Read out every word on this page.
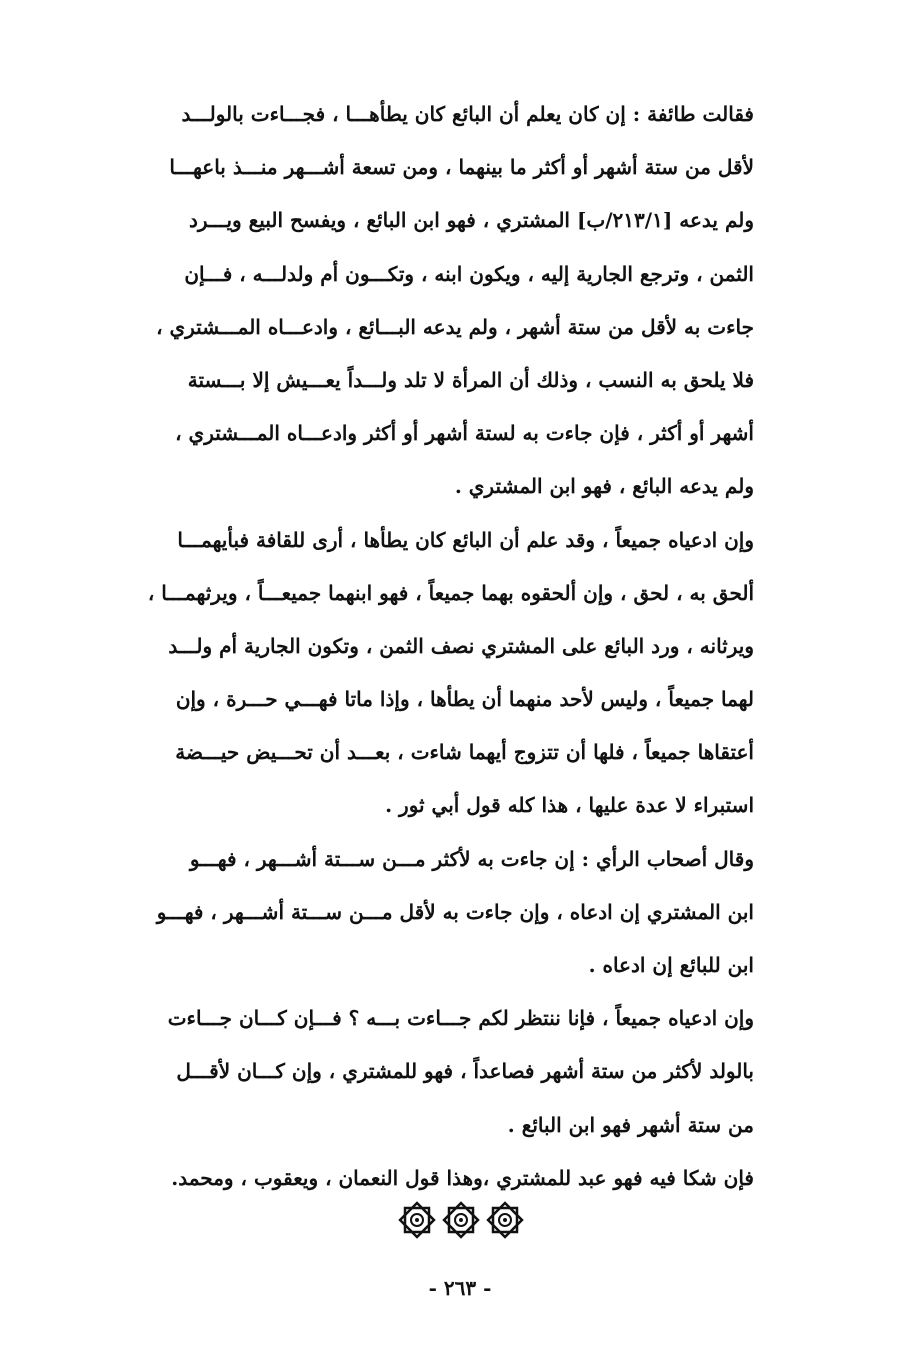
فقالت طائفة : إن كان يعلم أن البائع كان يطأهـــا ، فجـــاءت بالولـــد
لأقل من ستة أشهر أو أكثر ما بينهما ، ومن تسعة أشـــهر منـــذ باعهـــا
ولم يدعه [٢١٣/١/ب] المشتري ، فهو ابن البائع ، ويفسح البيع ويـــرد
الثمن ، وترجع الجارية إليه ، ويكون ابنه ، وتكـــون أم ولدلـــه ، فـــإن
جاءت به لأقل من ستة أشهر ، ولم يدعه البـــائع ، وادعـــاه المـــشتري ،
فلا يلحق به النسب ، وذلك أن المرأة لا تلد ولـــداً يعـــيش إلا بـــستة
أشهر أو أكثر ، فإن جاءت به لستة أشهر أو أكثر وادعـــاه المـــشتري ،
ولم يدعه البائع ، فهو ابن المشتري .
وإن ادعياه جميعاً ، وقد علم أن البائع كان يطأها ، أرى للقافة فبأيهمـــا
ألحق به ، لحق ، وإن ألحقوه بهما جميعاً ، فهو ابنهما جميعـــاً ، ويرثهمـــا ،
ويرثانه ، ورد البائع على المشتري نصف الثمن ، وتكون الجارية أم ولـــد
لهما جميعاً ، وليس لأحد منهما أن يطأها ، وإذا ماتا فهـــي حـــرة ، وإن
أعتقاها جميعاً ، فلها أن تتزوج أيهما شاءت ، بعـــد أن تحـــيض حيـــضة
استبراء لا عدة عليها ، هذا كله قول أبي ثور .
وقال أصحاب الرأي : إن جاءت به لأكثر مـــن ســـتة أشـــهر ، فهـــو
ابن المشتري إن ادعاه ، وإن جاءت به لأقل مـــن ســـتة أشـــهر ، فهـــو
ابن للبائع إن ادعاه .
وإن ادعياه جميعاً ، فإنا ننتظر لكم جـــاءت بـــه ؟ فـــإن كـــان جـــاءت
بالولد لأكثر من ستة أشهر فصاعداً ، فهو للمشتري ، وإن كـــان لأقـــل
من ستة أشهر فهو ابن البائع .
فإن شكا فيه فهو عبد للمشتري ،وهذا قول النعمان ، ويعقوب ، ومحمد.
- ٢٦٣ -
